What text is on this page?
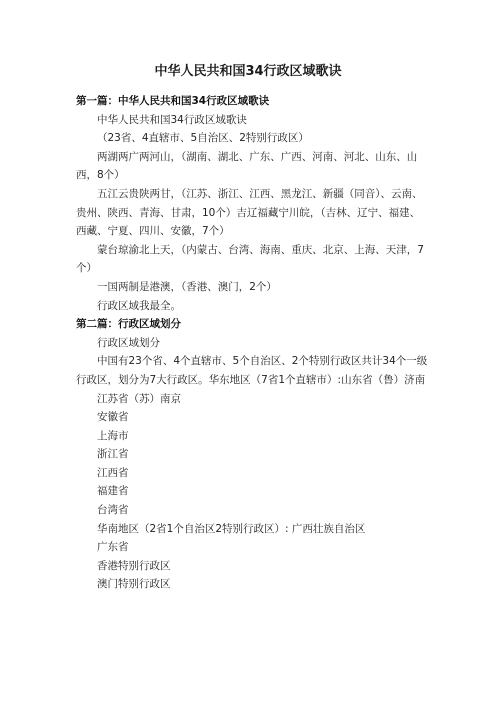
中华人民共和国34行政区域歌诀

第一篇：中华人民共和国34行政区域歌诀

中华人民共和国34行政区域歌诀

（23省、4直辖市、5自治区、2特别行政区）

两湖两广两河山，（湖南、湖北、广东、广西、河南、河北、山东、山西，8个）

五江云贵陕两甘，（江苏、浙江、江西、黑龙江、新疆（同音）、云南、贵州、陕西、青海、甘肃，10个）吉辽福藏宁川皖，（吉林、辽宁、福建、西藏、宁夏、四川、安徽，7个）

蒙台琼渝北上天，（内蒙古、台湾、海南、重庆、北京、上海、天津，7个）

一国两制是港澳，（香港、澳门，2个）

行政区域我最全。

第二篇：行政区域划分

行政区域划分

中国有23个省、4个直辖市、5个自治区、2个特别行政区共计34个一级行政区，划分为7大行政区。华东地区（7省1个直辖市）:山东省（鲁）济南

江苏省（苏）南京

安徽省

上海市

浙江省

江西省

福建省

台湾省

华南地区（2省1个自治区2特别行政区）: 广西壮族自治区

广东省

香港特别行政区

澳门特别行政区
